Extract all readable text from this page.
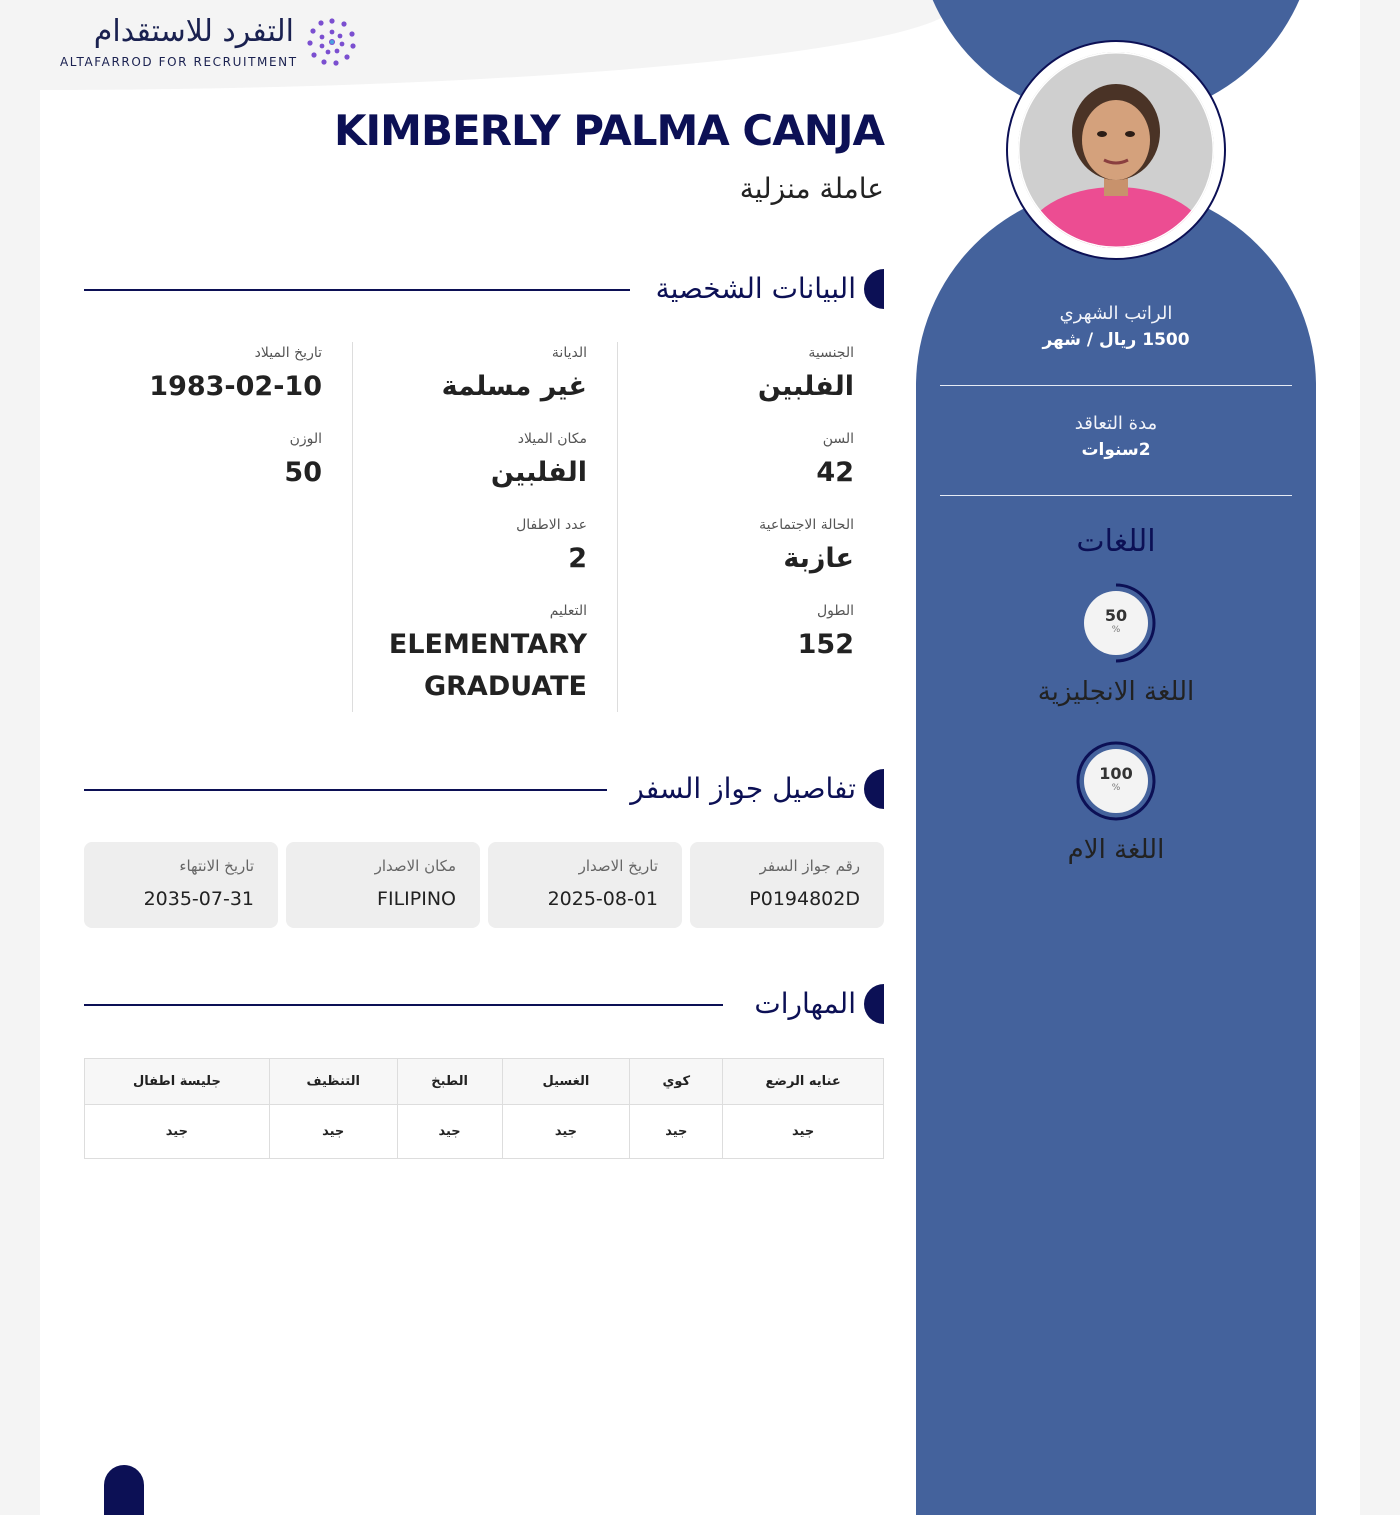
التفرد للاستقدام
ALTAFARROD FOR RECRUITMENT
KIMBERLY PALMA CANJA
عاملة منزلية
البيانات الشخصية
الجنسية
الفلبين
السن
42
الحالة الاجتماعية
عازبة
الطول
152
الديانة
غير مسلمة
مكان الميلاد
الفلبين
عدد الاطفال
2
التعليم
ELEMENTARY GRADUATE
تاريخ الميلاد
1983-02-10
الوزن
50
تفاصيل جواز السفر
رقم جواز السفر
P0194802D
تاريخ الاصدار
2025-08-01
مكان الاصدار
FILIPINO
تاريخ الانتهاء
2035-07-31
المهارات
عنايه الرضع	كوي	الغسيل	الطبخ	التنظيف	جليسة اطفال
جيد	جيد	جيد	جيد	جيد	جيد
الراتب الشهري
1500 ريال / شهر
مدة التعاقد
2سنوات
اللغات
50
%
اللغة الانجليزية
100
%
اللغة الام
